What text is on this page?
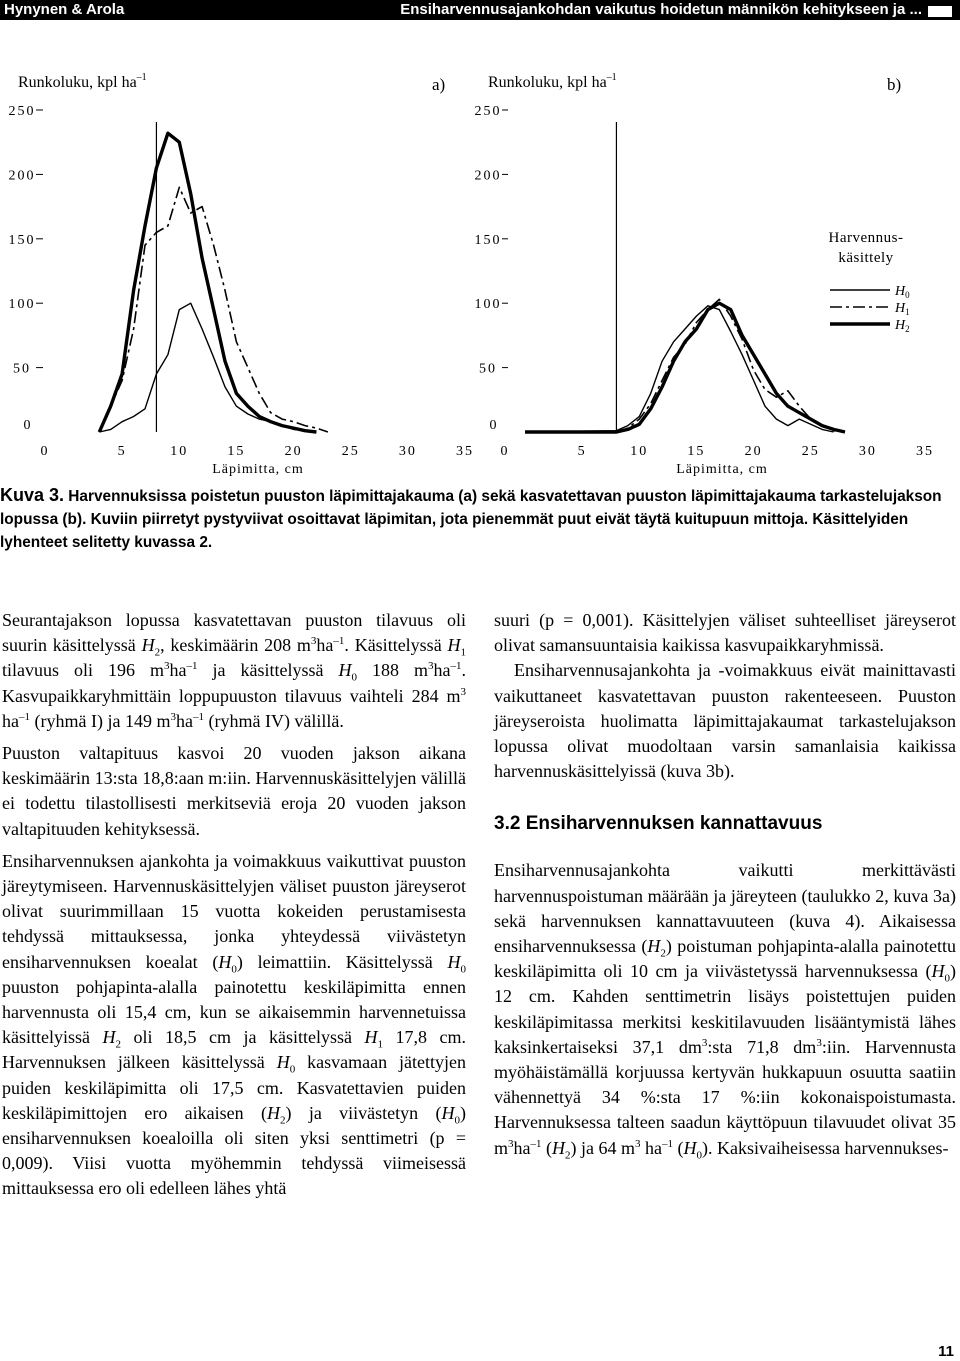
Hynynen & Arola	Ensiharvennusajankohdan vaikutus hoidetun männikön kehitykseen ja ...
Runkoluku, kpl $ha^{-1}$	a)
0
50
100
150
200
250
0	5	10	15	20	25	30	35
Läpimitta, cm
Runkoluku, kpl $ha^{-1}$	b)
0
50
100
150
200
250
0	5	10	15	20	25	30	35
Läpimitta, cm
Harvennus-
käsittely
$H_0$
$H_1$
$H_2$
Kuva 3. Harvennuksissa poistetun puuston läpimittajakauma (a) sekä kasvatettavan puuston läpimittajakauma tarkastelujakson lopussa (b). Kuviin piirretyt pystyviivat osoittavat läpimitan, jota pienemmät puut eivät täytä kuitupuun mittoja. Käsittelyiden lyhenteet selitetty kuvassa 2.

Seurantajakson lopussa kasvatettavan puuston tilavuus oli suurin käsittelyssä $H_2$, keskimäärin 208 $m^3ha^{-1}$. Käsittelyssä $H_1$ tilavuus oli 196 $m^3ha^{-1}$ ja käsittelyssä $H_0$ 188 $m^3ha^{-1}$. Kasvupaikkaryhmittäin loppupuuston tilavuus vaihteli 284 $m^3$ $ha^{-1}$ (ryhmä I) ja 149 $m^3ha^{-1}$ (ryhmä IV) välillä.

Puuston valtapituus kasvoi 20 vuoden jakson aikana keskimäärin 13:sta 18,8:aan m:iin. Harvennuskäsittelyjen välillä ei todettu tilastollisesti merkitseviä eroja 20 vuoden jakson valtapituuden kehityksessä.

Ensiharvennuksen ajankohta ja voimakkuus vaikuttivat puuston järeytymiseen. Harvennuskäsittelyjen väliset puuston järeyserot olivat suurimmillaan 15 vuotta kokeiden perustamisesta tehdyssä mittauksessa, jonka yhteydessä viivästetyn ensiharvennuksen koealat $(H_0)$ leimattiin. Käsittelyssä $H_0$ puuston pohjapinta-alalla painotettu keskiläpimitta ennen harvennusta oli 15,4 cm, kun se aikaisemmin harvennetuissa käsittelyissä $H_2$ oli 18,5 cm ja käsittelyssä $H_1$ 17,8 cm. Harvennuksen jälkeen käsittelyssä $H_0$ kasvamaan jätettyjen puiden keskiläpimitta oli 17,5 cm. Kasvatettavien puiden keskiläpimittojen ero aikaisen $(H_2)$ ja viivästetyn $(H_0)$ ensiharvennuksen koealoilla oli siten yksi senttimetri (p = 0,009). Viisi vuotta myöhemmin tehdyssä viimeisessä mittauksessa ero oli edelleen lähes yhtä

suuri (p = 0,001). Käsittelyjen väliset suhteelliset järeyserot olivat samansuuntaisia kaikissa kasvupaikkaryhmissä.

Ensiharvennusajankohta ja -voimakkuus eivät mainittavasti vaikuttaneet kasvatettavan puuston rakenteeseen. Puuston järeyseroista huolimatta läpimittajakaumat tarkastelujakson lopussa olivat muodoltaan varsin samanlaisia kaikissa harvennuskäsittelyissä (kuva 3b).

3.2 Ensiharvennuksen kannattavuus

Ensiharvennusajankohta vaikutti merkittävästi harvennuspoistuman määrään ja järeyteen (taulukko 2, kuva 3a) sekä harvennuksen kannattavuuteen (kuva 4). Aikaisessa ensiharvennuksessa $(H_2)$ poistuman pohjapinta-alalla painotettu keskiläpimitta oli 10 cm ja viivästetyssä harvennuksessa $(H_0)$ 12 cm. Kahden senttimetrin lisäys poistettujen puiden keskiläpimitassa merkitsi keskitilavuuden lisääntymistä lähes kaksinkertaiseksi 37,1 $dm^3:sta$ 71,8 $dm^3:iin$. Harvennusta myöhäistämällä korjuussa kertyvän hukkapuun osuutta saatiin vähennettyä 34 %:sta 17 %:iin kokonaispoistumasta. Harvennuksessa talteen saadun käyttöpuun tilavuudet olivat 35 $m^3ha^{-1}$ $(H_2)$ ja 64 $m^3$ $ha^{-1}$ $(H_0)$. Kaksivaiheisessa harvennukses-

11
